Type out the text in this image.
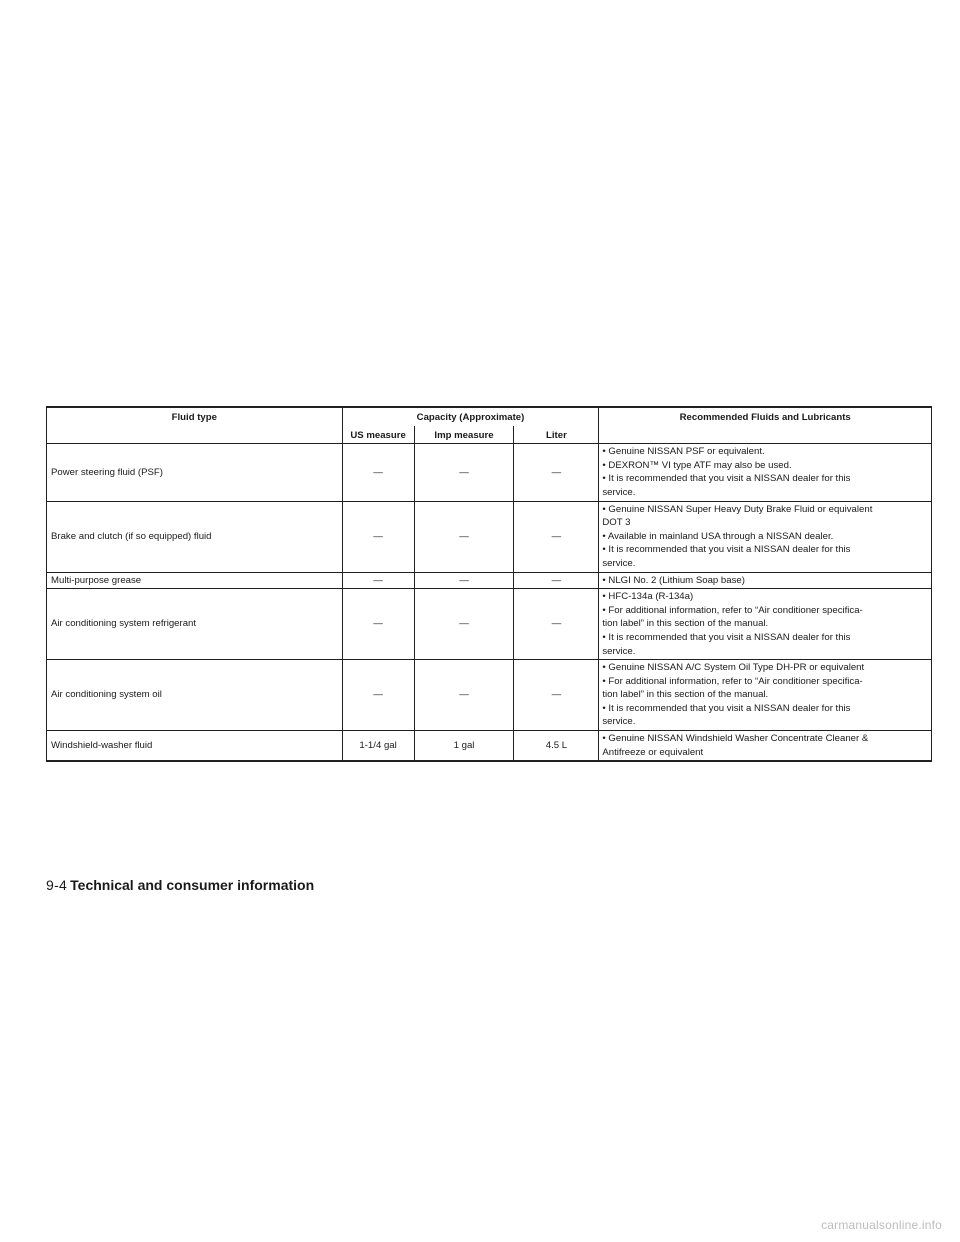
Fluid type	Capacity (Approximate)			Recommended Fluids and Lubricants
	US measure	Imp measure	Liter	
Power steering fluid (PSF)	—	—	—	• Genuine NISSAN PSF or equivalent.
• DEXRON™ VI type ATF may also be used.
• It is recommended that you visit a NISSAN dealer for this
service.

Brake and clutch (if so equipped) fluid	—	—	—	• Genuine NISSAN Super Heavy Duty Brake Fluid or equivalent
DOT 3
• Available in mainland USA through a NISSAN dealer.
• It is recommended that you visit a NISSAN dealer for this
service.

Multi-purpose grease	—	—	—	• NLGI No. 2 (Lithium Soap base)

Air conditioning system refrigerant	—	—	—	• HFC-134a (R-134a)
• For additional information, refer to “Air conditioner specifica-
tion label” in this section of the manual.
• It is recommended that you visit a NISSAN dealer for this
service.

Air conditioning system oil	—	—	—	• Genuine NISSAN A/C System Oil Type DH-PR or equivalent
• For additional information, refer to “Air conditioner specifica-
tion label” in this section of the manual.
• It is recommended that you visit a NISSAN dealer for this
service.

Windshield-washer fluid	1-1/4 gal	1 gal	4.5 L	• Genuine NISSAN Windshield Washer Concentrate Cleaner &
Antifreeze or equivalent
9-4 Technical and consumer information
carmanualsonline.info
